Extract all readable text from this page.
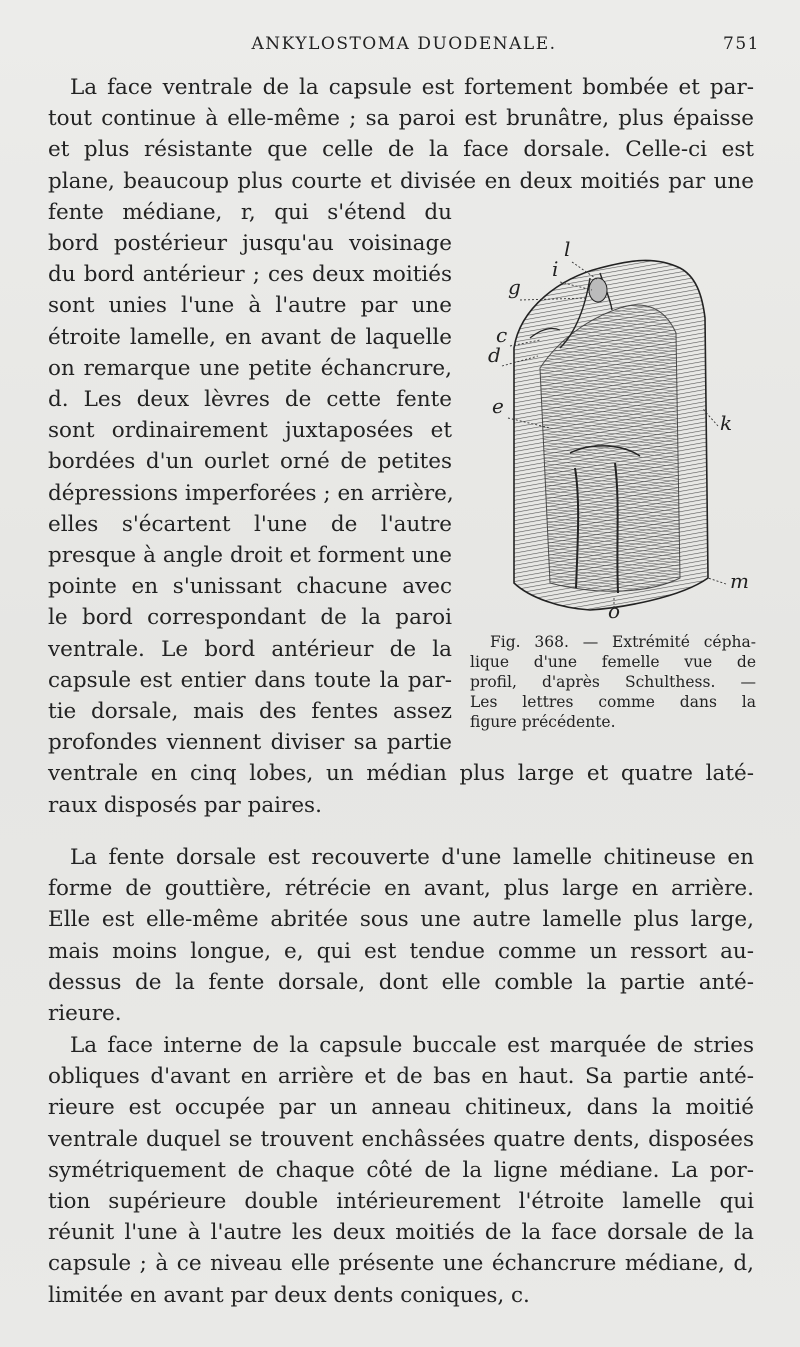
ANKYLOSTOMA DUODENALE.	751
La face ventrale de la capsule est fortement bombée et par-
tout continue à elle-même ; sa paroi est brunâtre, plus épaisse
et plus résistante que celle de la face dorsale. Celle-ci est
plane, beaucoup plus courte et divisée en deux moitiés par une
fente médiane, r, qui s'étend du
bord postérieur jusqu'au voisinage
du bord antérieur ; ces deux moitiés
sont unies l'une à l'autre par une
étroite lamelle, en avant de laquelle
on remarque une petite échancrure,
d. Les deux lèvres de cette fente
sont ordinairement juxtaposées et
bordées d'un ourlet orné de petites
dépressions imperforées ; en arrière,
elles s'écartent l'une de l'autre
presque à angle droit et forment une
pointe en s'unissant chacune avec
le bord correspondant de la paroi
ventrale. Le bord antérieur de la
capsule est entier dans toute la par-
tie dorsale, mais des fentes assez
profondes viennent diviser sa partie
ventrale en cinq lobes, un médian plus large et quatre laté-
raux disposés par paires.
l
i
g
c
d
e
k
m
o
Fig. 368. — Extrémité cépha-
lique d'une femelle vue de
profil, d'après Schulthess. —
Les lettres comme dans la
figure précédente.
La fente dorsale est recouverte d'une lamelle chitineuse en
forme de gouttière, rétrécie en avant, plus large en arrière.
Elle est elle-même abritée sous une autre lamelle plus large,
mais moins longue, e, qui est tendue comme un ressort au-
dessus de la fente dorsale, dont elle comble la partie anté-
rieure.
La face interne de la capsule buccale est marquée de stries
obliques d'avant en arrière et de bas en haut. Sa partie anté-
rieure est occupée par un anneau chitineux, dans la moitié
ventrale duquel se trouvent enchâssées quatre dents, disposées
symétriquement de chaque côté de la ligne médiane. La por-
tion supérieure double intérieurement l'étroite lamelle qui
réunit l'une à l'autre les deux moitiés de la face dorsale de la
capsule ; à ce niveau elle présente une échancrure médiane, d,
limitée en avant par deux dents coniques, c.
